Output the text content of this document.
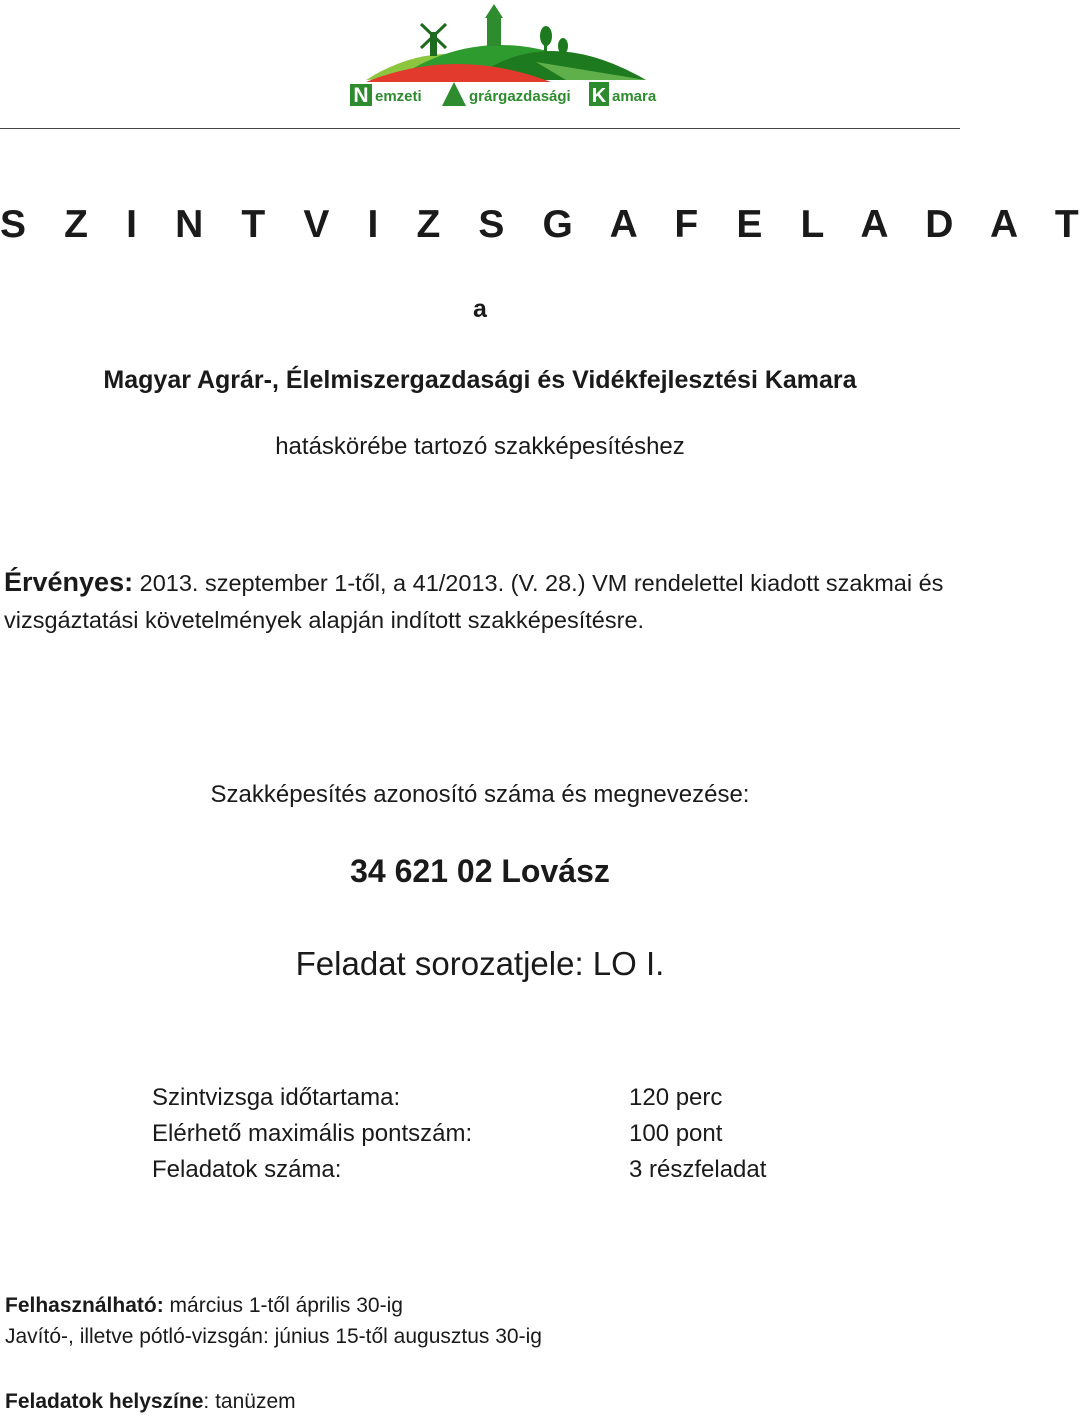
N emzeti	grárgazdasági
A	K amara
S Z I N T V I Z S G A F E L A D A T
a
Magyar Agrár-, Élelmiszergazdasági és Vidékfejlesztési Kamara
hatáskörébe tartozó szakképesítéshez
Érvényes: 2013. szeptember 1-től, a 41/2013. (V. 28.) VM rendelettel kiadott szakmai és vizsgáztatási követelmények alapján indított szakképesítésre.
Szakképesítés azonosító száma és megnevezése:
34 621 02 Lovász
Feladat sorozatjele: LO I.
Szintvizsga időtartama:	120 perc
Elérhető maximális pontszám:	100 pont
Feladatok száma:	3 részfeladat
Felhasználható: március 1-től április 30-ig
Javító-, illetve pótló-vizsgán: június 15-től augusztus 30-ig
Feladatok helyszíne: tanüzem
